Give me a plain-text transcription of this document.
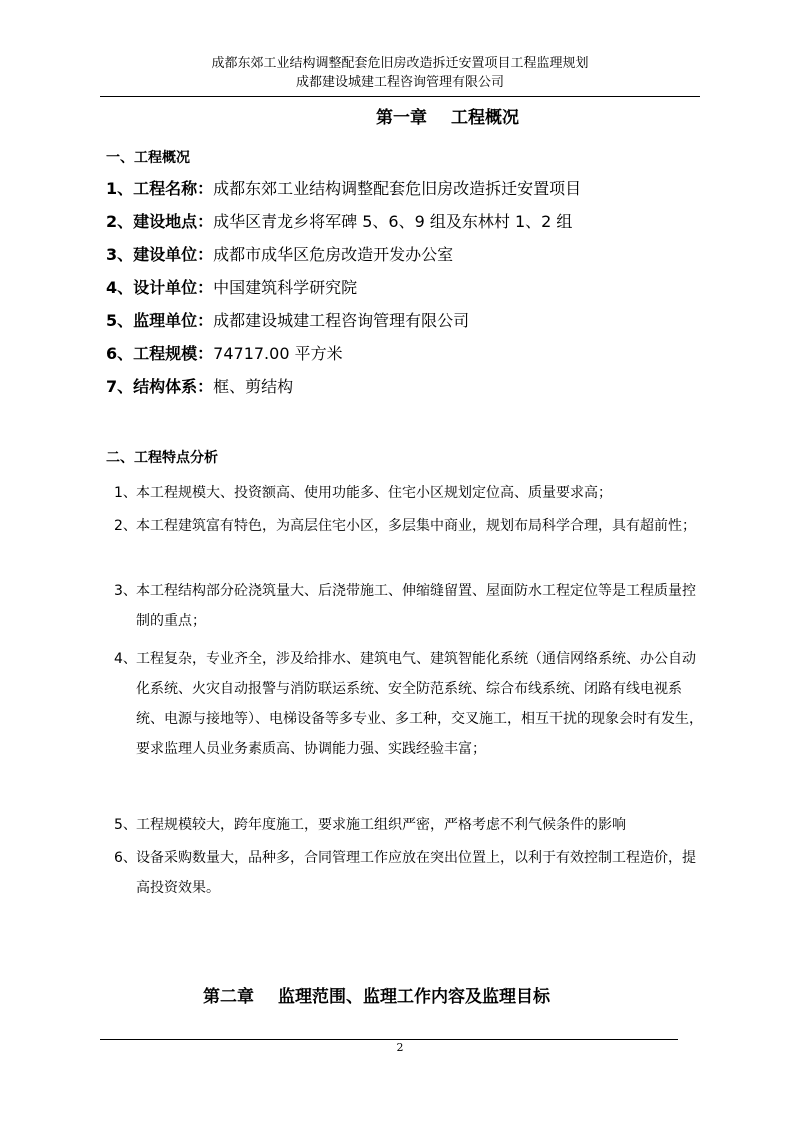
成都东郊工业结构调整配套危旧房改造拆迁安置项目工程监理规划
成都建设城建工程咨询管理有限公司
第一章 工程概况
一、工程概况
1、工程名称：成都东郊工业结构调整配套危旧房改造拆迁安置项目
2、建设地点：成华区青龙乡将军碑 5、6、9 组及东林村 1、2 组
3、建设单位：成都市成华区危房改造开发办公室
4、设计单位：中国建筑科学研究院
5、监理单位：成都建设城建工程咨询管理有限公司
6、工程规模：74717.00 平方米
7、结构体系：框、剪结构
二、工程特点分析
1、 本工程规模大、投资额高、使用功能多、住宅小区规划定位高、质量要求高；
2、 本工程建筑富有特色，为高层住宅小区，多层集中商业，规划布局科学合理，具有超前性；
3、 本工程结构部分砼浇筑量大、后浇带施工、伸缩缝留置、屋面防水工程定位等是工程质量控制的重点；
4、 工程复杂，专业齐全，涉及给排水、建筑电气、建筑智能化系统（通信网络系统、办公自动化系统、火灾自动报警与消防联运系统、安全防范系统、综合布线系统、闭路有线电视系统、电源与接地等）、电梯设备等多专业、多工种，交叉施工，相互干扰的现象会时有发生，要求监理人员业务素质高、协调能力强、实践经验丰富；
5、 工程规模较大，跨年度施工，要求施工组织严密，严格考虑不利气候条件的影响
6、 设备采购数量大，品种多，合同管理工作应放在突出位置上，以利于有效控制工程造价，提高投资效果。
第二章 监理范围、监理工作内容及监理目标
2
